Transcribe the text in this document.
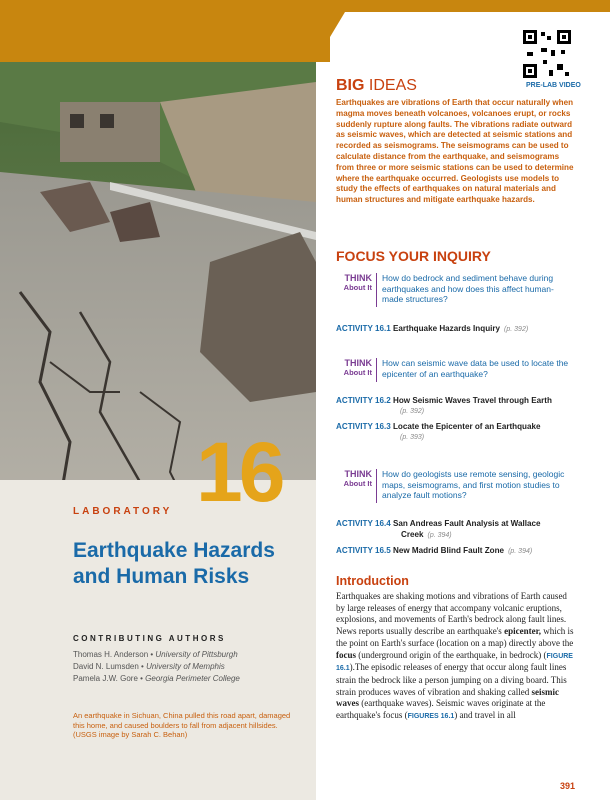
PRE-LAB VIDEO
BIG IDEAS
Earthquakes are vibrations of Earth that occur naturally when magma moves beneath volcanoes, volcanoes erupt, or rocks suddenly rupture along faults. The vibrations radiate outward as seismic waves, which are detected at seismic stations and recorded as seismograms. The seismograms can be used to calculate distance from the earthquake, and seismograms from three or more seismic stations can be used to determine where the earthquake occurred. Geologists use models to study the effects of earthquakes on natural materials and human structures and mitigate earthquake hazards.
FOCUS YOUR INQUIRY
THINK
About It
How do bedrock and sediment behave during earthquakes and how does this affect human-made structures?
ACTIVITY 16.1 Earthquake Hazards Inquiry (p. 392)
THINK
About It
How can seismic wave data be used to locate the epicenter of an earthquake?
ACTIVITY 16.2 How Seismic Waves Travel through Earth
(p. 392)
ACTIVITY 16.3 Locate the Epicenter of an Earthquake
(p. 393)
THINK
About It
How do geologists use remote sensing, geologic maps, seismograms, and first motion studies to analyze fault motions?
ACTIVITY 16.4 San Andreas Fault Analysis at Wallace
Creek (p. 394)
ACTIVITY 16.5 New Madrid Blind Fault Zone (p. 394)
Introduction
Earthquakes are shaking motions and vibrations of Earth caused by large releases of energy that accompany volcanic eruptions, explosions, and movements of Earth's bedrock along fault lines. News reports usually describe an earthquake's epicenter, which is the point on Earth's surface (location on a map) directly above the focus (underground origin of the earthquake, in bedrock) (FIGURE 16.1).The episodic releases of energy that occur along fault lines strain the bedrock like a person jumping on a diving board. This strain produces waves of vibration and shaking called seismic waves (earthquake waves). Seismic waves originate at the earthquake's focus (FIGURES 16.1) and travel in all
391
16
LABORATORY
Earthquake Hazards and Human Risks
CONTRIBUTING AUTHORS
Thomas H. Anderson • University of Pittsburgh
David N. Lumsden • University of Memphis
Pamela J.W. Gore • Georgia Perimeter College
An earthquake in Sichuan, China pulled this road apart, damaged this home, and caused boulders to fall from adjacent hillsides. (USGS image by Sarah C. Behan)
